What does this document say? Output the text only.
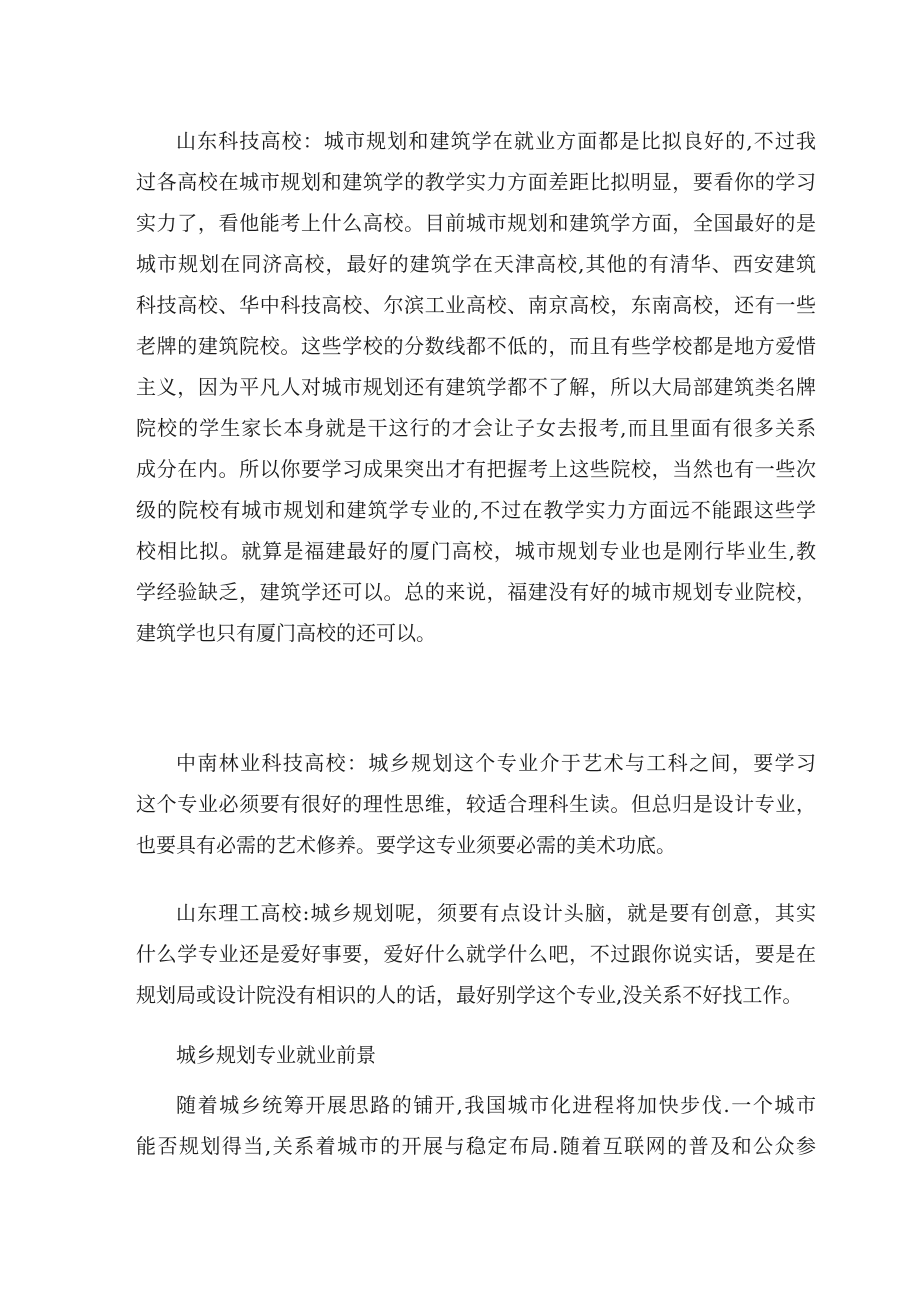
山东科技高校：城市规划和建筑学在就业方面都是比拟良好的,不过我
过各高校在城市规划和建筑学的教学实力方面差距比拟明显，要看你的学习
实力了，看他能考上什么高校。目前城市规划和建筑学方面，全国最好的是
城市规划在同济高校，最好的建筑学在天津高校,其他的有清华、西安建筑
科技高校、华中科技高校、尔滨工业高校、南京高校，东南高校，还有一些
老牌的建筑院校。这些学校的分数线都不低的，而且有些学校都是地方爱惜
主义，因为平凡人对城市规划还有建筑学都不了解，所以大局部建筑类名牌
院校的学生家长本身就是干这行的才会让子女去报考,而且里面有很多关系
成分在内。所以你要学习成果突出才有把握考上这些院校，当然也有一些次
级的院校有城市规划和建筑学专业的,不过在教学实力方面远不能跟这些学
校相比拟。就算是福建最好的厦门高校，城市规划专业也是刚行毕业生,教
学经验缺乏，建筑学还可以。总的来说，福建没有好的城市规划专业院校，
建筑学也只有厦门高校的还可以。
中南林业科技高校：城乡规划这个专业介于艺术与工科之间，要学习
这个专业必须要有很好的理性思维，较适合理科生读。但总归是设计专业，
也要具有必需的艺术修养。要学这专业须要必需的美术功底。
山东理工高校:城乡规划呢，须要有点设计头脑，就是要有创意，其实
什么学专业还是爱好事要，爱好什么就学什么吧，不过跟你说实话，要是在
规划局或设计院没有相识的人的话，最好别学这个专业,没关系不好找工作。
城乡规划专业就业前景
随着城乡统筹开展思路的铺开,我国城市化进程将加快步伐.一个城市
能否规划得当,关系着城市的开展与稳定布局.随着互联网的普及和公众参
